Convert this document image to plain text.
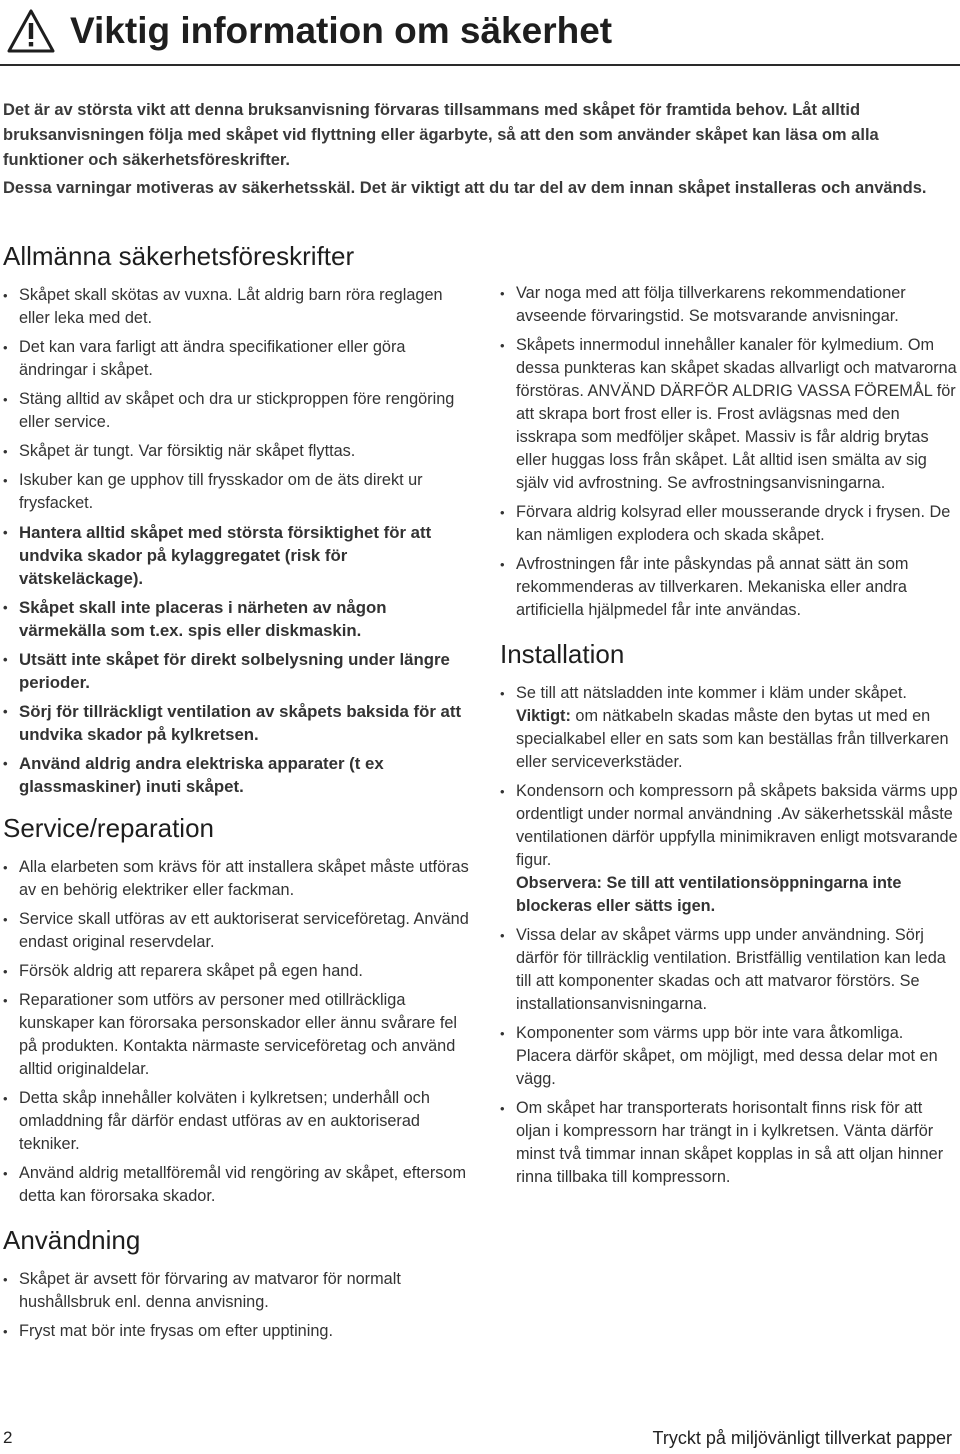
Viktig information om säkerhet

Det är av största vikt att denna bruksanvisning förvaras tillsammans med skåpet för framtida behov. Låt alltid bruksanvisningen följa med skåpet vid flyttning eller ägarbyte, så att den som använder skåpet kan läsa om alla funktioner och säkerhetsföreskrifter.

Dessa varningar motiveras av säkerhetsskäl. Det är viktigt att du tar del av dem innan skåpet installeras och används.

Allmänna säkerhetsföreskrifter
• Skåpet skall skötas av vuxna. Låt aldrig barn röra reglagen eller leka med det.
• Det kan vara farligt att ändra specifikationer eller göra ändringar i skåpet.
• Stäng alltid av skåpet och dra ur stickproppen före rengöring eller service.
• Skåpet är tungt. Var försiktig när skåpet flyttas.
• Iskuber kan ge upphov till frysskador om de äts direkt ur frysfacket.
• Hantera alltid skåpet med största försiktighet för att undvika skador på kylaggregatet (risk för vätskeläckage).
• Skåpet skall inte placeras i närheten av någon värmekälla som t.ex. spis eller diskmaskin.
• Utsätt inte skåpet för direkt solbelysning under längre perioder.
• Sörj för tillräckligt ventilation av skåpets baksida för att undvika skador på kylkretsen.
• Använd aldrig andra elektriska apparater (t ex glassmaskiner) inuti skåpet.
Service/reparation
• Alla elarbeten som krävs för att installera skåpet måste utföras av en behörig elektriker eller fackman.
• Service skall utföras av ett auktoriserat serviceföretag. Använd endast original reservdelar.
• Försök aldrig att reparera skåpet på egen hand.
• Reparationer som utförs av personer med otillräckliga kunskaper kan förorsaka personskador eller ännu svårare fel på produkten. Kontakta närmaste serviceföretag och använd alltid originaldelar.
• Detta skåp innehåller kolväten i kylkretsen; underhåll och omladdning får därför endast utföras av en auktoriserad tekniker.
• Använd aldrig metallföremål vid rengöring av skåpet, eftersom detta kan förorsaka skador.
Användning
• Skåpet är avsett för förvaring av matvaror för normalt hushållsbruk enl. denna anvisning.
• Fryst mat bör inte frysas om efter upptining.
• Var noga med att följa tillverkarens rekommendationer avseende förvaringstid. Se motsvarande anvisningar.
• Skåpets innermodul innehåller kanaler för kylmedium. Om dessa punkteras kan skåpet skadas allvarligt och matvarorna förstöras. ANVÄND DÄRFÖR ALDRIG VASSA FÖREMÅL för att skrapa bort frost eller is. Frost avlägsnas med den isskrapa som medföljer skåpet. Massiv is får aldrig brytas eller huggas loss från skåpet. Låt alltid isen smälta av sig själv vid avfrostning. Se avfrostningsanvisningarna.
• Förvara aldrig kolsyrad eller mousserande dryck i frysen. De kan nämligen explodera och skada skåpet.
• Avfrostningen får inte påskyndas på annat sätt än som rekommenderas av tillverkaren. Mekaniska eller andra artificiella hjälpmedel får inte användas.
Installation
• Se till att nätsladden inte kommer i kläm under skåpet.
Viktigt: om nätkabeln skadas måste den bytas ut med en specialkabel eller en sats som kan beställas från tillverkaren eller serviceverkstäder.
• Kondensorn och kompressorn på skåpets baksida värms upp ordentligt under normal användning .Av säkerhetsskäl måste ventilationen därför uppfylla minimikraven enligt motsvarande figur.
Observera: Se till att ventilationsöppningarna inte blockeras eller sätts igen.
• Vissa delar av skåpet värms upp under användning. Sörj därför för tillräcklig ventilation. Bristfällig ventilation kan leda till att komponenter skadas och att matvaror förstörs. Se installationsanvisningarna.
• Komponenter som värms upp bör inte vara åtkomliga. Placera därför skåpet, om möjligt, med dessa delar mot en vägg.
• Om skåpet har transporterats horisontalt finns risk för att oljan i kompressorn har trängt in i kylkretsen. Vänta därför minst två timmar innan skåpet kopplas in så att oljan hinner rinna tillbaka till kompressorn.
2	Tryckt på miljövänligt tillverkat papper
